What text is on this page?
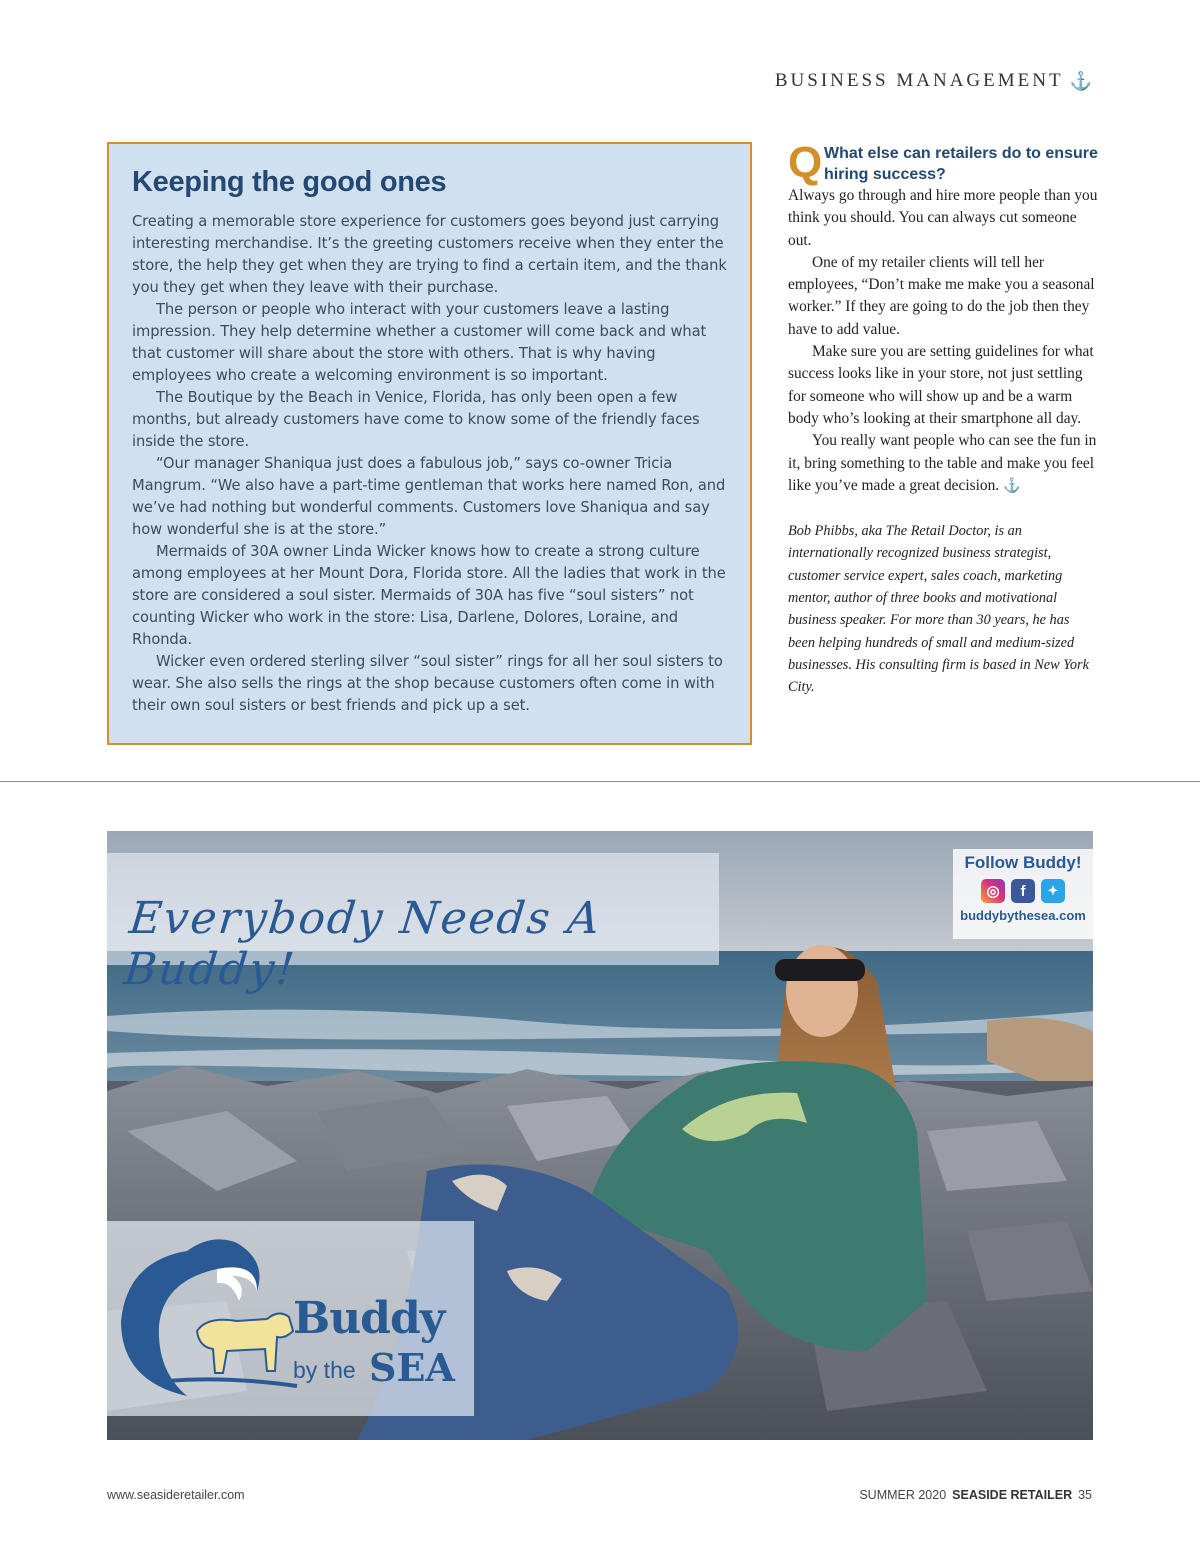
BUSINESS MANAGEMENT ⚓
Keeping the good ones

Creating a memorable store experience for customers goes beyond just carrying interesting merchandise. It’s the greeting customers receive when they enter the store, the help they get when they are trying to find a certain item, and the thank you they get when they leave with their purchase.

The person or people who interact with your customers leave a lasting impression. They help determine whether a customer will come back and what that customer will share about the store with others. That is why having employees who create a welcoming environment is so important.

The Boutique by the Beach in Venice, Florida, has only been open a few months, but already customers have come to know some of the friendly faces inside the store.

“Our manager Shaniqua just does a fabulous job,” says co-owner Tricia Mangrum. “We also have a part-time gentleman that works here named Ron, and we’ve had nothing but wonderful comments. Customers love Shaniqua and say how wonderful she is at the store.”

Mermaids of 30A owner Linda Wicker knows how to create a strong culture among employees at her Mount Dora, Florida store. All the ladies that work in the store are considered a soul sister. Mermaids of 30A has five “soul sisters” not counting Wicker who work in the store: Lisa, Darlene, Dolores, Loraine, and Rhonda.

Wicker even ordered sterling silver “soul sister” rings for all her soul sisters to wear. She also sells the rings at the shop because customers often come in with their own soul sisters or best friends and pick up a set.

Q What else can retailers do to ensure hiring success?

Always go through and hire more people than you think you should. You can always cut someone out.

One of my retailer clients will tell her employees, “Don’t make me make you a seasonal worker.” If they are going to do the job then they have to add value.

Make sure you are setting guidelines for what success looks like in your store, not just settling for someone who will show up and be a warm body who’s looking at their smartphone all day.

You really want people who can see the fun in it, bring something to the table and make you feel like you’ve made a great decision. ⚓

Bob Phibbs, aka The Retail Doctor, is an internationally recognized business strategist, customer service expert, sales coach, marketing mentor, author of three books and motivational business speaker. For more than 30 years, he has been helping hundreds of small and medium-sized businesses. His consulting firm is based in New York City.

Everybody Needs A Buddy!
Follow Buddy!
◎	f	✦
buddybythesea.com
Buddy
by the SEA
www.seasideretailer.com	SUMMER 2020 SEASIDE RETAILER 35
